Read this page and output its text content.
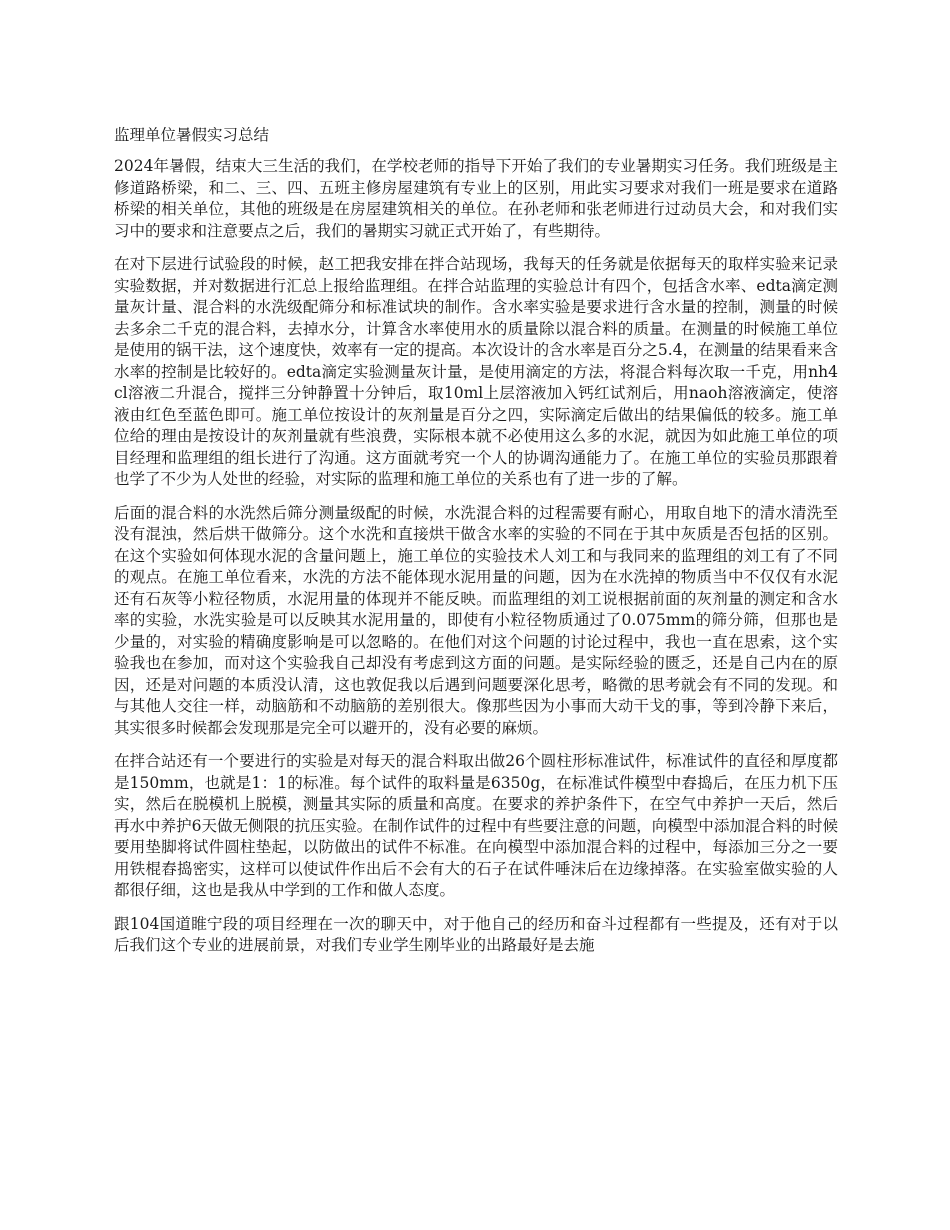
监理单位暑假实习总结

2024年暑假，结束大三生活的我们，在学校老师的指导下开始了我们的专业暑期实习任务。我们班级是主修道路桥梁，和二、三、四、五班主修房屋建筑有专业上的区别，用此实习要求对我们一班是要求在道路桥梁的相关单位，其他的班级是在房屋建筑相关的单位。在孙老师和张老师进行过动员大会，和对我们实习中的要求和注意要点之后，我们的暑期实习就正式开始了，有些期待。

在对下层进行试验段的时候，赵工把我安排在拌合站现场，我每天的任务就是依据每天的取样实验来记录实验数据，并对数据进行汇总上报给监理组。在拌合站监理的实验总计有四个，包括含水率、edta滴定测量灰计量、混合料的水洗级配筛分和标准试块的制作。含水率实验是要求进行含水量的控制，测量的时候去多余二千克的混合料，去掉水分，计算含水率使用水的质量除以混合料的质量。在测量的时候施工单位是使用的锅干法，这个速度快，效率有一定的提高。本次设计的含水率是百分之5.4，在测量的结果看来含水率的控制是比较好的。edta滴定实验测量灰计量，是使用滴定的方法，将混合料每次取一千克，用nh4cl溶液二升混合，搅拌三分钟静置十分钟后，取10ml上层溶液加入钙红试剂后，用naoh溶液滴定，使溶液由红色至蓝色即可。施工单位按设计的灰剂量是百分之四，实际滴定后做出的结果偏低的较多。施工单位给的理由是按设计的灰剂量就有些浪费，实际根本就不必使用这么多的水泥，就因为如此施工单位的项目经理和监理组的组长进行了沟通。这方面就考究一个人的协调沟通能力了。在施工单位的实验员那跟着也学了不少为人处世的经验，对实际的监理和施工单位的关系也有了进一步的了解。

后面的混合料的水洗然后筛分测量级配的时候，水洗混合料的过程需要有耐心，用取自地下的清水清洗至没有混浊，然后烘干做筛分。这个水洗和直接烘干做含水率的实验的不同在于其中灰质是否包括的区别。在这个实验如何体现水泥的含量问题上，施工单位的实验技术人刘工和与我同来的监理组的刘工有了不同的观点。在施工单位看来，水洗的方法不能体现水泥用量的问题，因为在水洗掉的物质当中不仅仅有水泥还有石灰等小粒径物质，水泥用量的体现并不能反映。而监理组的刘工说根据前面的灰剂量的测定和含水率的实验，水洗实验是可以反映其水泥用量的，即使有小粒径物质通过了0.075mm的筛分筛，但那也是少量的，对实验的精确度影响是可以忽略的。在他们对这个问题的讨论过程中，我也一直在思索，这个实验我也在参加，而对这个实验我自己却没有考虑到这方面的问题。是实际经验的匮乏，还是自己内在的原因，还是对问题的本质没认清，这也敦促我以后遇到问题要深化思考，略微的思考就会有不同的发现。和与其他人交往一样，动脑筋和不动脑筋的差别很大。像那些因为小事而大动干戈的事，等到冷静下来后，其实很多时候都会发现那是完全可以避开的，没有必要的麻烦。

在拌合站还有一个要进行的实验是对每天的混合料取出做26个圆柱形标准试件，标准试件的直径和厚度都是150mm，也就是1：1的标准。每个试件的取料量是6350g，在标准试件模型中舂捣后，在压力机下压实，然后在脱模机上脱模，测量其实际的质量和高度。在要求的养护条件下，在空气中养护一天后，然后再水中养护6天做无侧限的抗压实验。在制作试件的过程中有些要注意的问题，向模型中添加混合料的时候要用垫脚将试件圆柱垫起，以防做出的试件不标准。在向模型中添加混合料的过程中，每添加三分之一要用铁棍舂捣密实，这样可以使试件作出后不会有大的石子在试件唾沫后在边缘掉落。在实验室做实验的人都很仔细，这也是我从中学到的工作和做人态度。

跟104国道睢宁段的项目经理在一次的聊天中，对于他自己的经历和奋斗过程都有一些提及，还有对于以后我们这个专业的进展前景，对我们专业学生刚毕业的出路最好是去施
